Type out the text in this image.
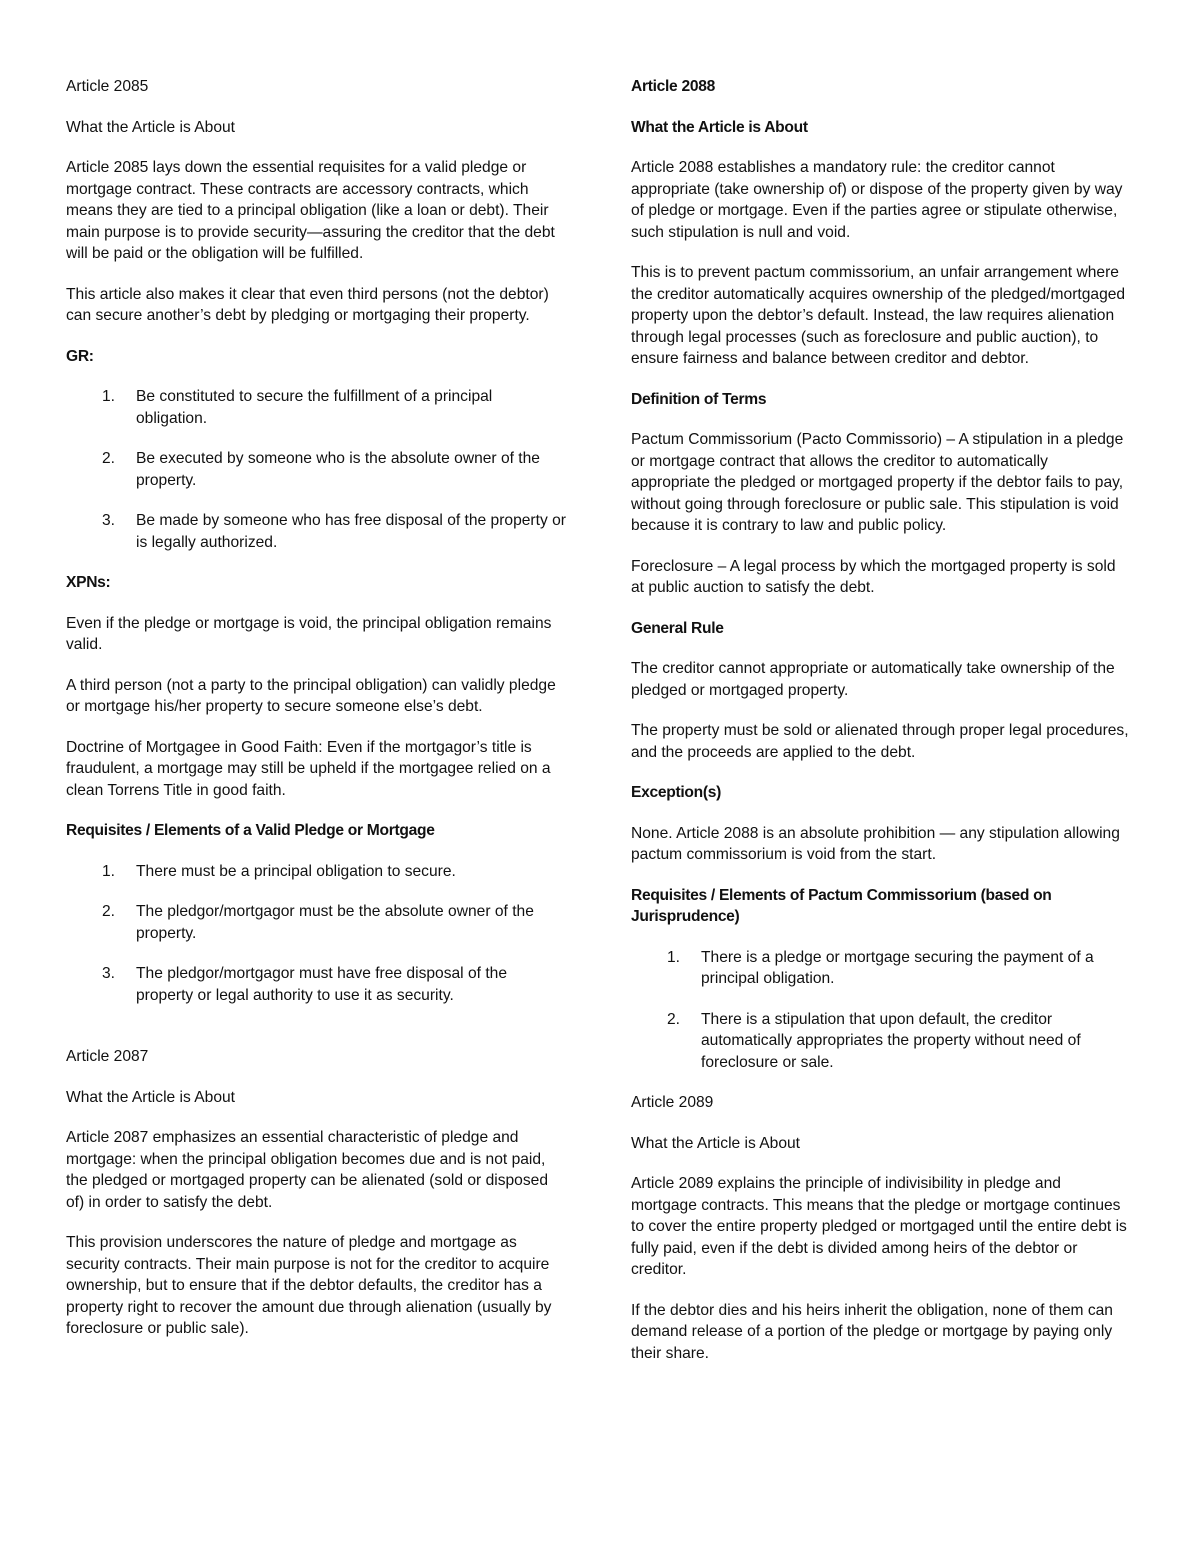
Article 2085

What the Article is About

Article 2085 lays down the essential requisites for a valid pledge or mortgage contract. These contracts are accessory contracts, which means they are tied to a principal obligation (like a loan or debt). Their main purpose is to provide security—assuring the creditor that the debt will be paid or the obligation will be fulfilled.

This article also makes it clear that even third persons (not the debtor) can secure another’s debt by pledging or mortgaging their property.

GR:
1. Be constituted to secure the fulfillment of a principal obligation.
2. Be executed by someone who is the absolute owner of the property.
3. Be made by someone who has free disposal of the property or is legally authorized.
XPNs:

Even if the pledge or mortgage is void, the principal obligation remains valid.

A third person (not a party to the principal obligation) can validly pledge or mortgage his/her property to secure someone else’s debt.

Doctrine of Mortgagee in Good Faith: Even if the mortgagor’s title is fraudulent, a mortgage may still be upheld if the mortgagee relied on a clean Torrens Title in good faith.

Requisites / Elements of a Valid Pledge or Mortgage
1. There must be a principal obligation to secure.
2. The pledgor/mortgagor must be the absolute owner of the property.
3. The pledgor/mortgagor must have free disposal of the property or legal authority to use it as security.

Article 2087

What the Article is About

Article 2087 emphasizes an essential characteristic of pledge and mortgage: when the principal obligation becomes due and is not paid, the pledged or mortgaged property can be alienated (sold or disposed of) in order to satisfy the debt.

This provision underscores the nature of pledge and mortgage as security contracts. Their main purpose is not for the creditor to acquire ownership, but to ensure that if the debtor defaults, the creditor has a property right to recover the amount due through alienation (usually by foreclosure or public sale).

Article 2088
What the Article is About

Article 2088 establishes a mandatory rule: the creditor cannot appropriate (take ownership of) or dispose of the property given by way of pledge or mortgage. Even if the parties agree or stipulate otherwise, such stipulation is null and void.

This is to prevent pactum commissorium, an unfair arrangement where the creditor automatically acquires ownership of the pledged/mortgaged property upon the debtor’s default. Instead, the law requires alienation through legal processes (such as foreclosure and public auction), to ensure fairness and balance between creditor and debtor.

Definition of Terms

Pactum Commissorium (Pacto Commissorio) – A stipulation in a pledge or mortgage contract that allows the creditor to automatically appropriate the pledged or mortgaged property if the debtor fails to pay, without going through foreclosure or public sale. This stipulation is void because it is contrary to law and public policy.

Foreclosure – A legal process by which the mortgaged property is sold at public auction to satisfy the debt.

General Rule

The creditor cannot appropriate or automatically take ownership of the pledged or mortgaged property.

The property must be sold or alienated through proper legal procedures, and the proceeds are applied to the debt.

Exception(s)

None. Article 2088 is an absolute prohibition — any stipulation allowing pactum commissorium is void from the start.

Requisites / Elements of Pactum Commissorium (based on Jurisprudence)
1. There is a pledge or mortgage securing the payment of a principal obligation.
2. There is a stipulation that upon default, the creditor automatically appropriates the property without need of foreclosure or sale.

Article 2089

What the Article is About

Article 2089 explains the principle of indivisibility in pledge and mortgage contracts. This means that the pledge or mortgage continues to cover the entire property pledged or mortgaged until the entire debt is fully paid, even if the debt is divided among heirs of the debtor or creditor.

If the debtor dies and his heirs inherit the obligation, none of them can demand release of a portion of the pledge or mortgage by paying only their share.
